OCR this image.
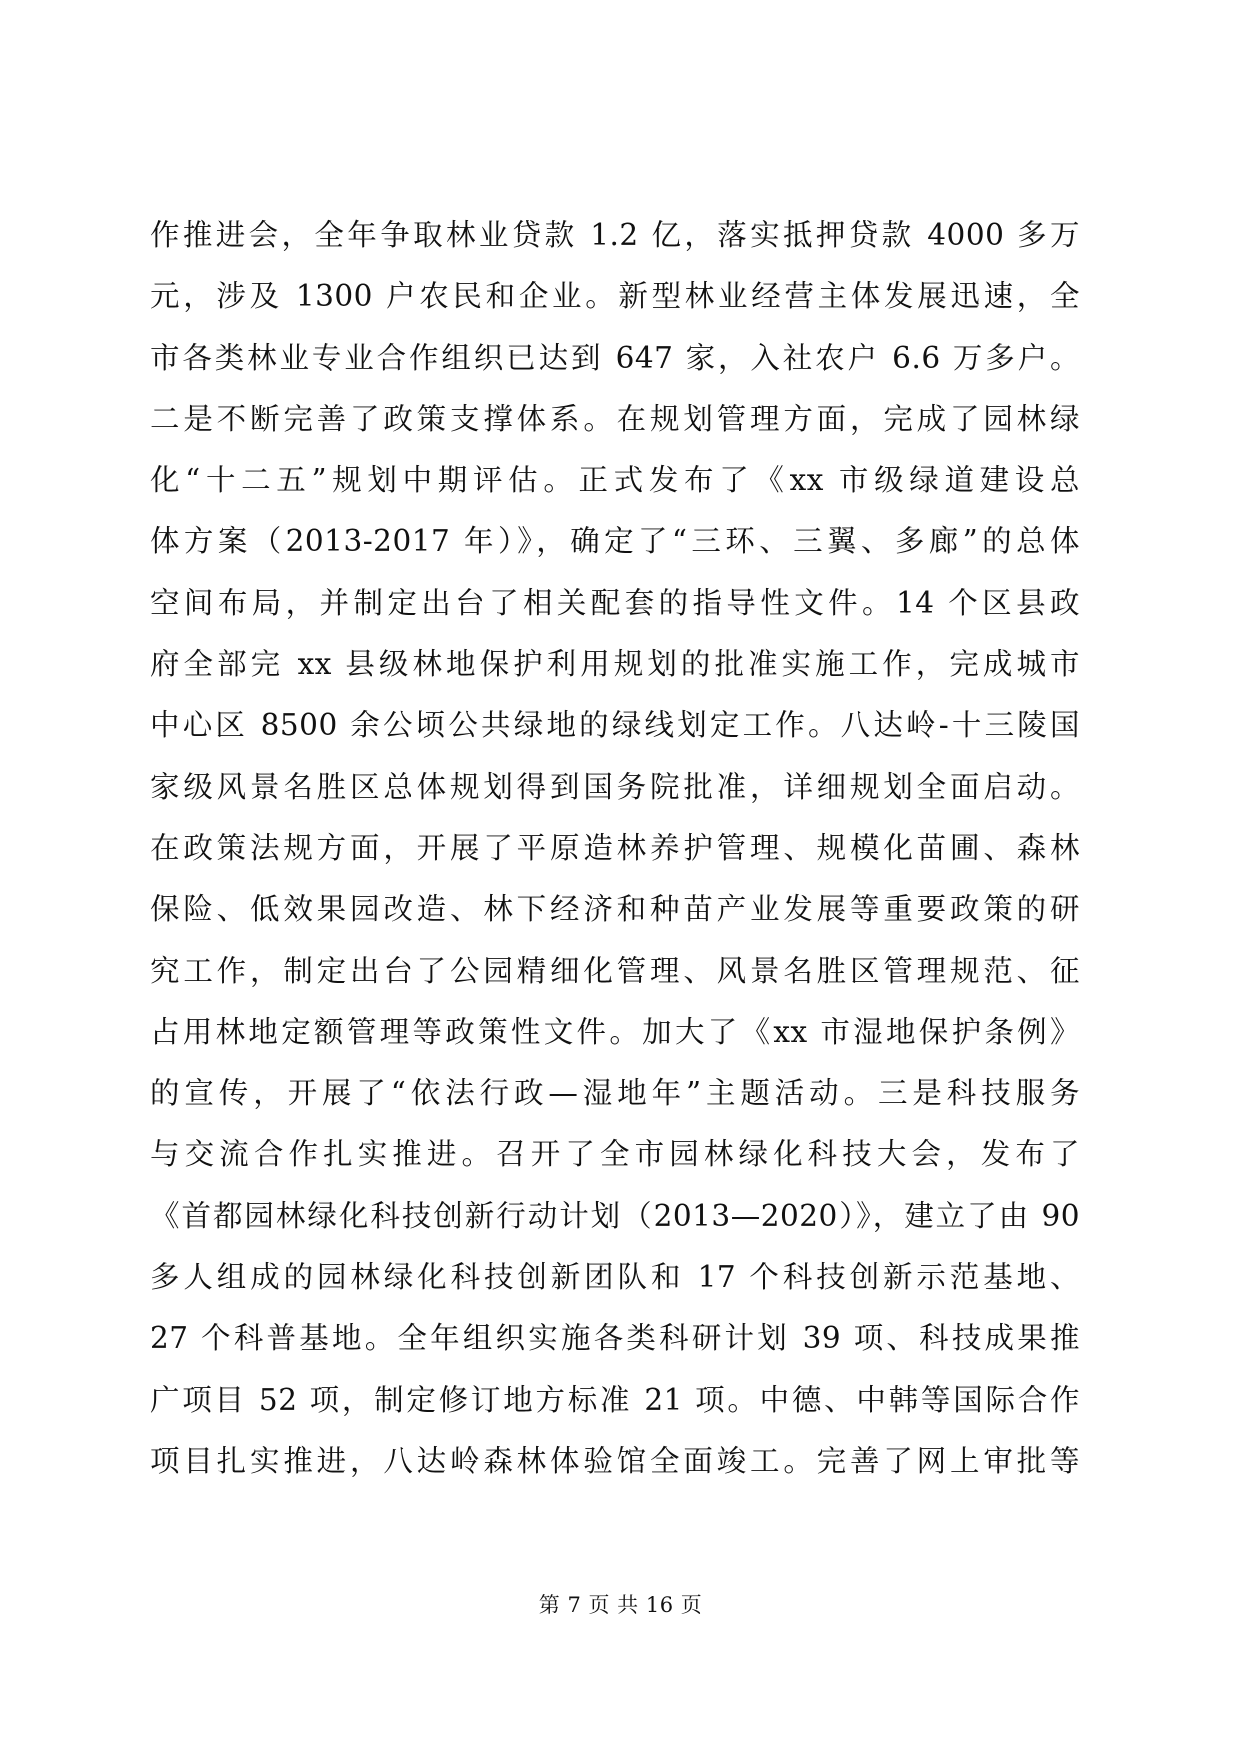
作推进会，全年争取林业贷款 1.2 亿，落实抵押贷款 4000 多万
元，涉及 1300 户农民和企业。新型林业经营主体发展迅速，全
市各类林业专业合作组织已达到 647 家，入社农户 6.6 万多户。
二是不断完善了政策支撑体系。在规划管理方面，完成了园林绿
化“十二五”规划中期评估。正式发布了《xx 市级绿道建设总
体方案（2013-2017 年）》，确定了“三环、三翼、多廊”的总体
空间布局，并制定出台了相关配套的指导性文件。14 个区县政
府全部完 xx 县级林地保护利用规划的批准实施工作，完成城市
中心区 8500 余公顷公共绿地的绿线划定工作。八达岭-十三陵国
家级风景名胜区总体规划得到国务院批准，详细规划全面启动。
在政策法规方面，开展了平原造林养护管理、规模化苗圃、森林
保险、低效果园改造、林下经济和种苗产业发展等重要政策的研
究工作，制定出台了公园精细化管理、风景名胜区管理规范、征
占用林地定额管理等政策性文件。加大了《xx 市湿地保护条例》
的宣传，开展了“依法行政—湿地年”主题活动。三是科技服务
与交流合作扎实推进。召开了全市园林绿化科技大会，发布了
《首都园林绿化科技创新行动计划（2013—2020）》，建立了由 90
多人组成的园林绿化科技创新团队和 17 个科技创新示范基地、
27 个科普基地。全年组织实施各类科研计划 39 项、科技成果推
广项目 52 项，制定修订地方标准 21 项。中德、中韩等国际合作
项目扎实推进，八达岭森林体验馆全面竣工。完善了网上审批等
第 7 页 共 16 页
